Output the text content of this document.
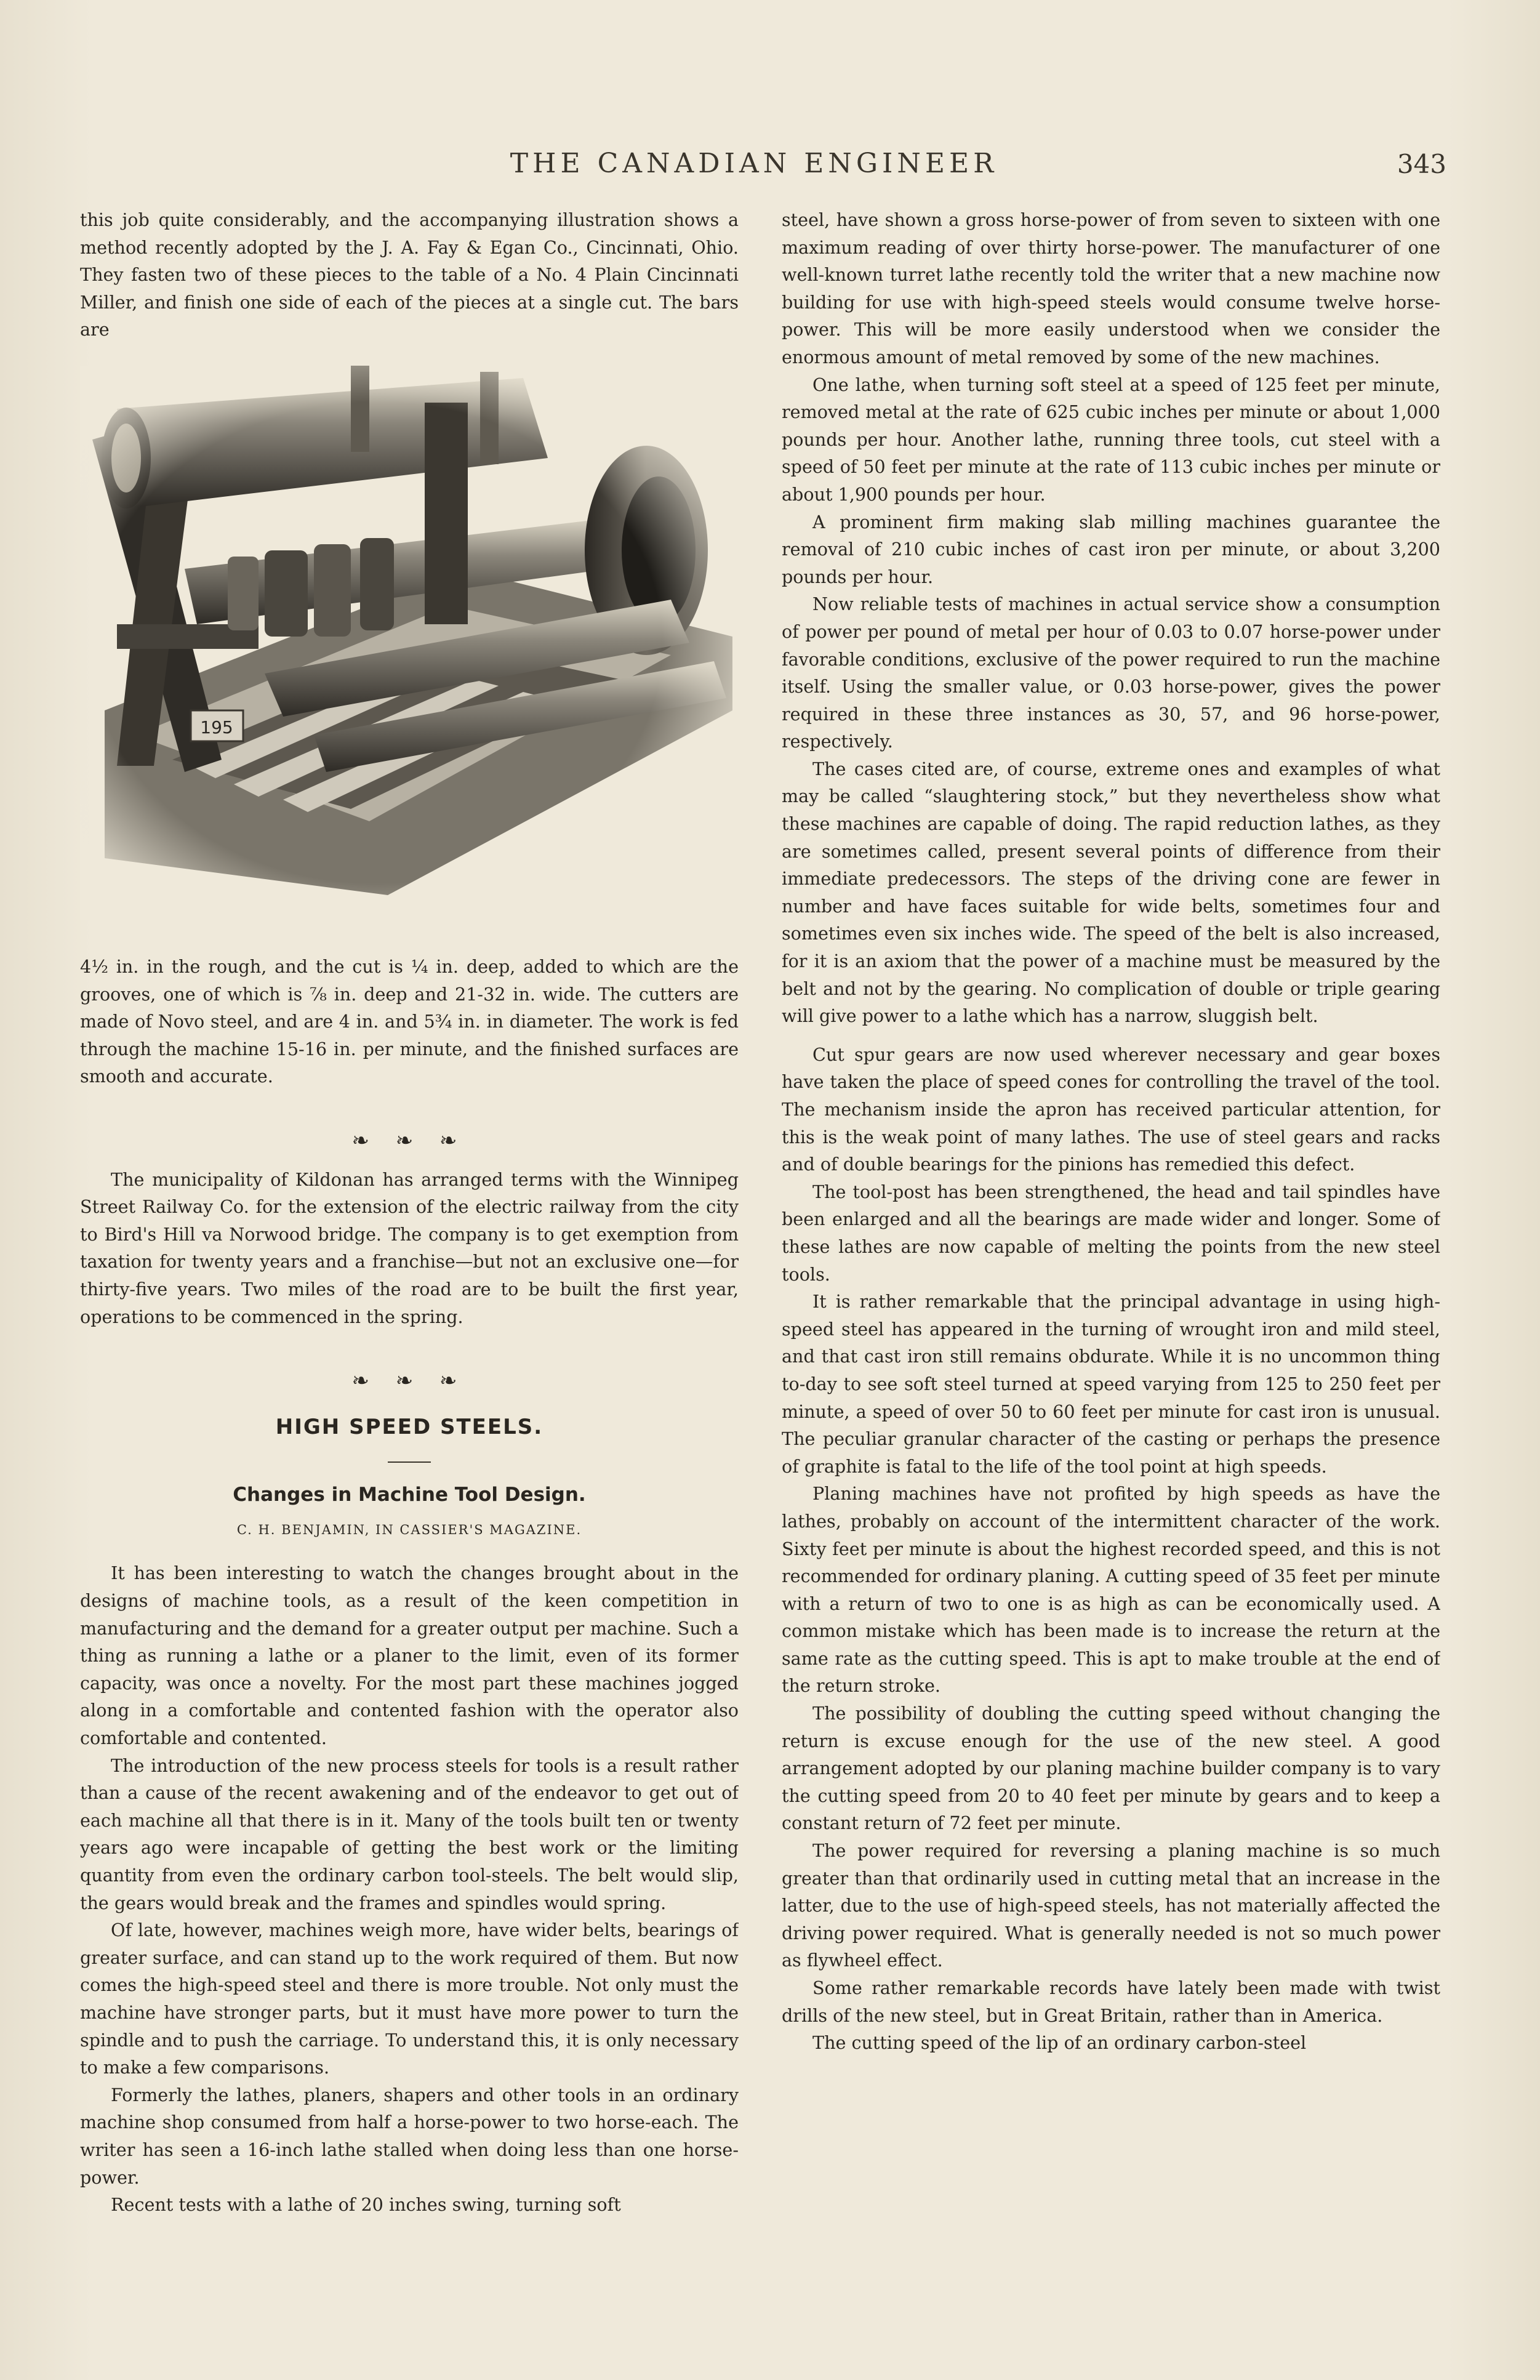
THE CANADIAN ENGINEER	343

this job quite considerably, and the accompanying illustration shows a method recently adopted by the J. A. Fay & Egan Co., Cincinnati, Ohio. They fasten two of these pieces to the table of a No. 4 Plain Cincinnati Miller, and finish one side of each of the pieces at a single cut. The bars are

4½ in. in the rough, and the cut is ¼ in. deep, added to which are the grooves, one of which is ⅞ in. deep and 21-32 in. wide. The cutters are made of Novo steel, and are 4 in. and 5¾ in. in diameter. The work is fed through the machine 15-16 in. per minute, and the finished surfaces are smooth and accurate.

❧ ❧ ❧

The municipality of Kildonan has arranged terms with the Winnipeg Street Railway Co. for the extension of the electric railway from the city to Bird's Hill va Norwood bridge. The company is to get exemption from taxation for twenty years and a franchise—but not an exclusive one—for thirty-five years. Two miles of the road are to be built the first year, operations to be commenced in the spring.

❧ ❧ ❧
HIGH SPEED STEELS.
Changes in Machine Tool Design.
C. H. BENJAMIN, IN CASSIER'S MAGAZINE.

It has been interesting to watch the changes brought about in the designs of machine tools, as a result of the keen competition in manufacturing and the demand for a greater output per machine. Such a thing as running a lathe or a planer to the limit, even of its former capacity, was once a novelty. For the most part these machines jogged along in a comfortable and contented fashion with the operator also comfortable and contented.

The introduction of the new process steels for tools is a result rather than a cause of the recent awakening and of the endeavor to get out of each machine all that there is in it. Many of the tools built ten or twenty years ago were incapable of getting the best work or the limiting quantity from even the ordinary carbon tool-steels. The belt would slip, the gears would break and the frames and spindles would spring.

Of late, however, machines weigh more, have wider belts, bearings of greater surface, and can stand up to the work required of them. But now comes the high-speed steel and there is more trouble. Not only must the machine have stronger parts, but it must have more power to turn the spindle and to push the carriage. To understand this, it is only necessary to make a few comparisons.

Formerly the lathes, planers, shapers and other tools in an ordinary machine shop consumed from half a horse-power to two horse-each. The writer has seen a 16-inch lathe stalled when doing less than one horse-power.

Recent tests with a lathe of 20 inches swing, turning soft

steel, have shown a gross horse-power of from seven to sixteen with one maximum reading of over thirty horse-power. The manufacturer of one well-known turret lathe recently told the writer that a new machine now building for use with high-speed steels would consume twelve horse-power. This will be more easily understood when we consider the enormous amount of metal removed by some of the new machines.

One lathe, when turning soft steel at a speed of 125 feet per minute, removed metal at the rate of 625 cubic inches per minute or about 1,000 pounds per hour. Another lathe, running three tools, cut steel with a speed of 50 feet per minute at the rate of 113 cubic inches per minute or about 1,900 pounds per hour.

A prominent firm making slab milling machines guarantee the removal of 210 cubic inches of cast iron per minute, or about 3,200 pounds per hour.

Now reliable tests of machines in actual service show a consumption of power per pound of metal per hour of 0.03 to 0.07 horse-power under favorable conditions, exclusive of the power required to run the machine itself. Using the smaller value, or 0.03 horse-power, gives the power required in these three instances as 30, 57, and 96 horse-power, respectively.

The cases cited are, of course, extreme ones and examples of what may be called “slaughtering stock,” but they nevertheless show what these machines are capable of doing. The rapid reduction lathes, as they are sometimes called, present several points of difference from their immediate predecessors. The steps of the driving cone are fewer in number and have faces suitable for wide belts, sometimes four and sometimes even six inches wide. The speed of the belt is also increased, for it is an axiom that the power of a machine must be measured by the belt and not by the gearing. No complication of double or triple gearing will give power to a lathe which has a narrow, sluggish belt.

Cut spur gears are now used wherever necessary and gear boxes have taken the place of speed cones for controlling the travel of the tool. The mechanism inside the apron has received particular attention, for this is the weak point of many lathes. The use of steel gears and racks and of double bearings for the pinions has remedied this defect.

The tool-post has been strengthened, the head and tail spindles have been enlarged and all the bearings are made wider and longer. Some of these lathes are now capable of melting the points from the new steel tools.

It is rather remarkable that the principal advantage in using high-speed steel has appeared in the turning of wrought iron and mild steel, and that cast iron still remains obdurate. While it is no uncommon thing to-day to see soft steel turned at speed varying from 125 to 250 feet per minute, a speed of over 50 to 60 feet per minute for cast iron is unusual. The peculiar granular character of the casting or perhaps the presence of graphite is fatal to the life of the tool point at high speeds.

Planing machines have not profited by high speeds as have the lathes, probably on account of the intermittent character of the work. Sixty feet per minute is about the highest recorded speed, and this is not recommended for ordinary planing. A cutting speed of 35 feet per minute with a return of two to one is as high as can be economically used. A common mistake which has been made is to increase the return at the same rate as the cutting speed. This is apt to make trouble at the end of the return stroke.

The possibility of doubling the cutting speed without changing the return is excuse enough for the use of the new steel. A good arrangement adopted by our planing machine builder company is to vary the cutting speed from 20 to 40 feet per minute by gears and to keep a constant return of 72 feet per minute.

The power required for reversing a planing machine is so much greater than that ordinarily used in cutting metal that an increase in the latter, due to the use of high-speed steels, has not materially affected the driving power required. What is generally needed is not so much power as flywheel effect.

Some rather remarkable records have lately been made with twist drills of the new steel, but in Great Britain, rather than in America.

The cutting speed of the lip of an ordinary carbon-steel
